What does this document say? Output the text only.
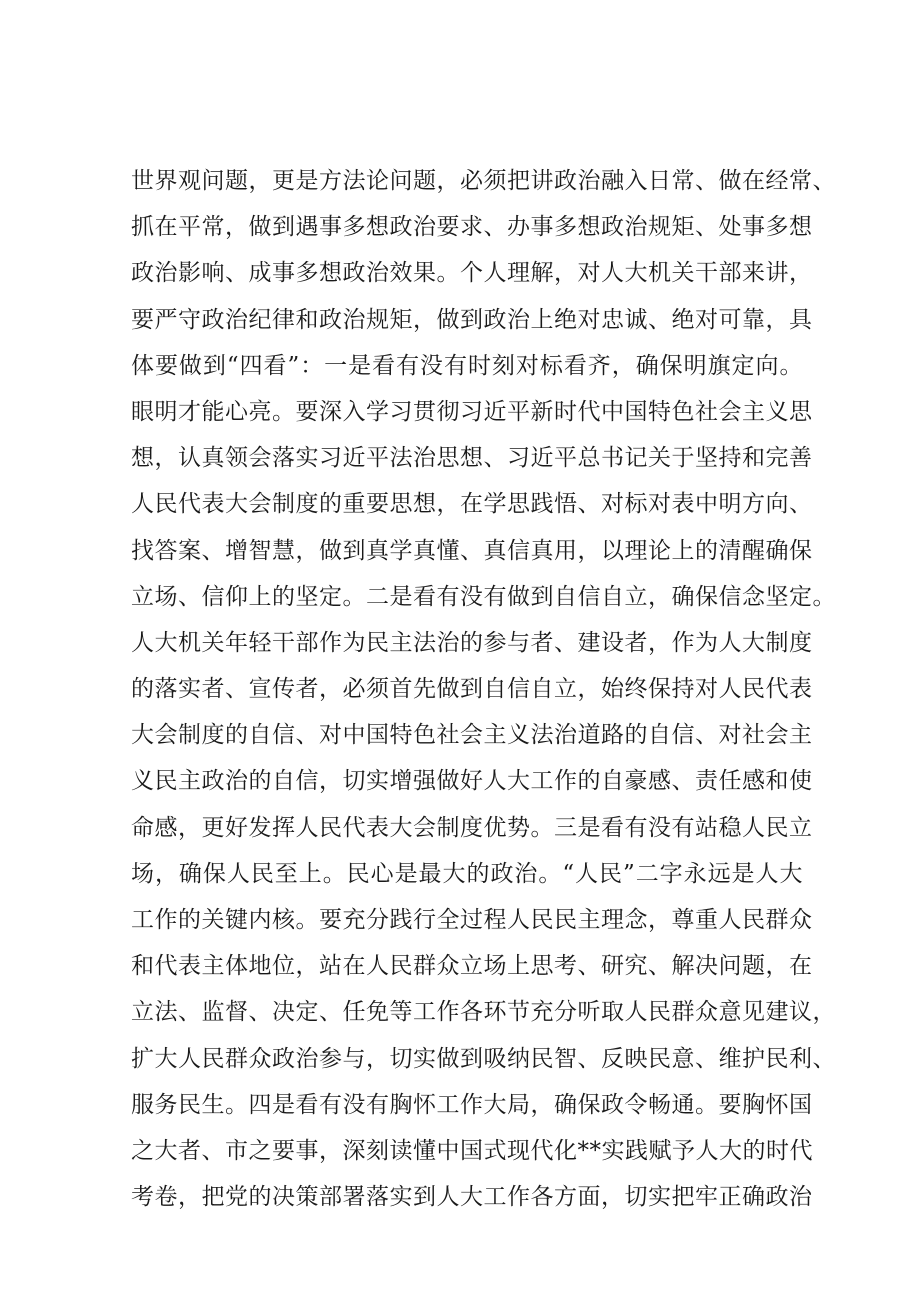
世界观问题，更是方法论问题，必须把讲政治融入日常、做在经常、
抓在平常，做到遇事多想政治要求、办事多想政治规矩、处事多想
政治影响、成事多想政治效果。个人理解，对人大机关干部来讲，
要严守政治纪律和政治规矩，做到政治上绝对忠诚、绝对可靠，具
体要做到“四看”：一是看有没有时刻对标看齐，确保明旗定向。
眼明才能心亮。要深入学习贯彻习近平新时代中国特色社会主义思
想，认真领会落实习近平法治思想、习近平总书记关于坚持和完善
人民代表大会制度的重要思想，在学思践悟、对标对表中明方向、
找答案、增智慧，做到真学真懂、真信真用，以理论上的清醒确保
立场、信仰上的坚定。二是看有没有做到自信自立，确保信念坚定。
人大机关年轻干部作为民主法治的参与者、建设者，作为人大制度
的落实者、宣传者，必须首先做到自信自立，始终保持对人民代表
大会制度的自信、对中国特色社会主义法治道路的自信、对社会主
义民主政治的自信，切实增强做好人大工作的自豪感、责任感和使
命感，更好发挥人民代表大会制度优势。三是看有没有站稳人民立
场，确保人民至上。民心是最大的政治。“人民”二字永远是人大
工作的关键内核。要充分践行全过程人民民主理念，尊重人民群众
和代表主体地位，站在人民群众立场上思考、研究、解决问题，在
立法、监督、决定、任免等工作各环节充分听取人民群众意见建议，
扩大人民群众政治参与，切实做到吸纳民智、反映民意、维护民利、
服务民生。四是看有没有胸怀工作大局，确保政令畅通。要胸怀国
之大者、市之要事，深刻读懂中国式现代化**实践赋予人大的时代
考卷，把党的决策部署落实到人大工作各方面，切实把牢正确政治
